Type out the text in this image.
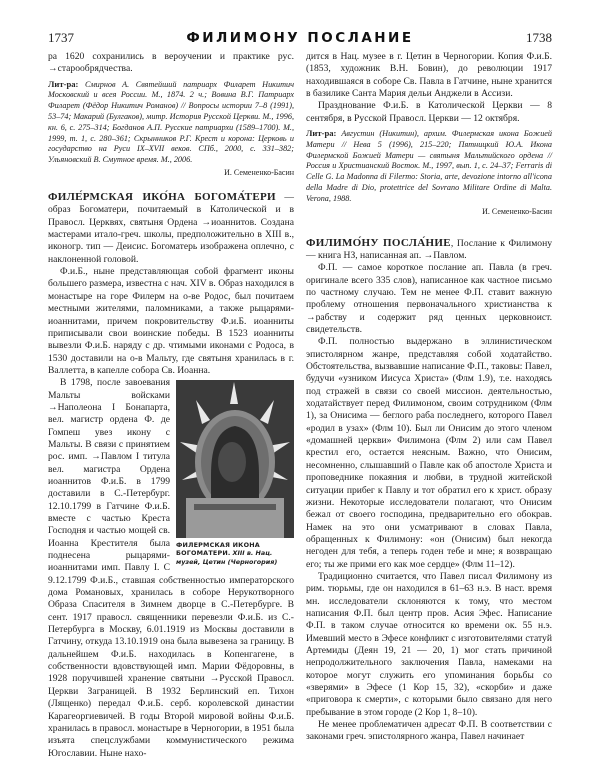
1737	ФИЛИМОНУ ПОСЛАНИЕ	1738

ра 1620 сохранились в вероучении и практике рус. →старообрядчества.

Лит-ра: Смирнов А. Святейший патриарх Филарет Никитич Московский и всея России. М., 1874. 2 ч.; Вовина В.Г. Патриарх Филарет (Фёдор Никитич Романов) // Вопросы истории 7–8 (1991), 53–74; Макарий (Булгаков), митр. История Русской Церкви. М., 1996, кн. 6, с. 275–314; Богданов А.П. Русские патриархи (1589–1700). М., 1999, т. 1, с. 280–361; Скрынников Р.Г. Крест и корона: Церковь и государство на Руси IX–XVII веков. СПб., 2000, с. 331–382; Ульяновский В. Смутное время. М., 2006.

И. Семененко-Басин

ФИЛЕ́РМСКАЯ ИКО́НА БОГОМА́ТЕРИ — образ Богоматери, почитаемый в Католической и в Правосл. Церквях, святыня Ордена →иоаннитов. Создана мастерами итало-греч. школы, предположительно в XIII в., иконогр. тип — Деисис. Богоматерь изображена оплечно, с наклоненной головой.

Ф.и.Б., ныне представляющая собой фрагмент иконы большего размера, известна с нач. XIV в. Образ находился в монастыре на горе Филерм на о-ве Родос, был почитаем местными жителями, паломниками, а также рыцарями-иоаннитами, причем покровительству Ф.и.Б. иоанниты приписывали свои воинские победы. В 1523 иоанниты вывезли Ф.и.Б. наряду с др. чтимыми иконами с Родоса, в 1530 доставили на о-в Мальту, где святыня хранилась в г. Валлетта, в капелле собора Св. Иоанна.

ФИЛЕРМСКАЯ ИКОНА БОГОМАТЕРИ. XIII в. Нац. музей, Цетин (Черногория)

В 1798, после завоевания Мальты войсками →Наполеона I Бонапарта, вел. магистр ордена Ф. де Гомпеш увез икону с Мальты. В связи с принятием рос. имп. →Павлом I титула вел. магистра Ордена иоаннитов Ф.и.Б. в 1799 доставили в С.-Петербург. 12.10.1799 в Гатчине Ф.и.Б. вместе с частью Креста Господня и частью мощей св. Иоанна Крестителя была поднесена рыцарями-иоаннитами имп. Павлу I. С 9.12.1799 Ф.и.Б., ставшая собственностью императорского дома Романовых, хранилась в соборе Нерукотворного Образа Спасителя в Зимнем дворце в С.-Петербурге. В сент. 1917 правосл. священники перевезли Ф.и.Б. из С.-Петербурга в Москву, 6.01.1919 из Москвы доставили в Гатчину, откуда 13.10.1919 она была вывезена за границу. В дальнейшем Ф.и.Б. находилась в Копенгагене, в собственности вдовствующей имп. Марии Фёдоровны, в 1928 поручившей хранение святыни →Русской Правосл. Церкви Заграницей. В 1932 Берлинский еп. Тихон (Лященко) передал Ф.и.Б. серб. королевской династии Карагеоргиевичей. В годы Второй мировой войны Ф.и.Б. хранилась в правосл. монастыре в Черногории, в 1951 была изъята спецслужбами коммунистического режима Югославии. Ныне нахо-

дится в Нац. музее в г. Цетин в Черногории. Копия Ф.и.Б. (1853, художник В.Н. Бовин), до революции 1917 находившаяся в соборе Св. Павла в Гатчине, ныне хранится в базилике Санта Мария дельи Анджели в Ассизи.

Празднование Ф.и.Б. в Католической Церкви — 8 сентября, в Русской Правосл. Церкви — 12 октября.

Лит-ра: Августин (Никитин), архим. Филермская икона Божией Матери // Нева 5 (1996), 215–220; Пятницкий Ю.А. Икона Филермской Божией Матери — святыня Мальтийского ордена // Россия и Христианский Восток. М., 1997, вып. 1, с. 24–37; Ferraris di Celle G. La Madonna di Filermo: Storia, arte, devozione intorno all'icona della Madre di Dio, protettrice del Sovrano Militare Ordine di Malta. Verona, 1988.

И. Семененко-Басин

ФИЛИМО́НУ ПОСЛА́НИЕ, Послание к Филимону — книга НЗ, написанная ап. →Павлом.

Ф.П. — самое короткое послание ап. Павла (в греч. оригинале всего 335 слов), написанное как частное письмо по частному случаю. Тем не менее Ф.П. ставит важную проблему отношения первоначального христианства к →рабству и содержит ряд ценных церковноист. свидетельств.

Ф.П. полностью выдержано в эллинистическом эпистолярном жанре, представляя собой ходатайство. Обстоятельства, вызвавшие написание Ф.П., таковы: Павел, будучи «узником Иисуса Христа» (Флм 1.9), т.е. находясь под стражей в связи со своей миссион. деятельностью, ходатайствует перед Филимоном, своим сотрудником (Флм 1), за Онисима — беглого раба последнего, которого Павел «родил в узах» (Флм 10). Был ли Онисим до этого членом «домашней церкви» Филимона (Флм 2) или сам Павел крестил его, остается неясным. Важно, что Онисим, несомненно, слышавший о Павле как об апостоле Христа и проповеднике покаяния и любви, в трудной житейской ситуации прибег к Павлу и тот обратил его к христ. образу жизни. Некоторые исследователи полагают, что Онисим бежал от своего господина, предварительно его обокрав. Намек на это они усматривают в словах Павла, обращенных к Филимону: «он (Онисим) был некогда негоден для тебя, а теперь годен тебе и мне; я возвращаю его; ты же прими его как мое сердце» (Флм 11–12).

Традиционно считается, что Павел писал Филимону из рим. тюрьмы, где он находился в 61–63 н.э. В наст. время мн. исследователи склоняются к тому, что местом написания Ф.П. был центр пров. Асия Эфес. Написание Ф.П. в таком случае относится ко времени ок. 55 н.э. Имевший место в Эфесе конфликт с изготовителями статуй Артемиды (Деян 19, 21 — 20, 1) мог стать причиной непродолжительного заключения Павла, намеками на которое могут служить его упоминания борьбы со «зверями» в Эфесе (1 Кор 15, 32), «скорби» и даже «приговора к смерти», с которыми было связано для него пребывание в этом городе (2 Кор 1, 8–10).

Не менее проблематичен адресат Ф.П. В соответствии с законами греч. эпистолярного жанра, Павел начинает
